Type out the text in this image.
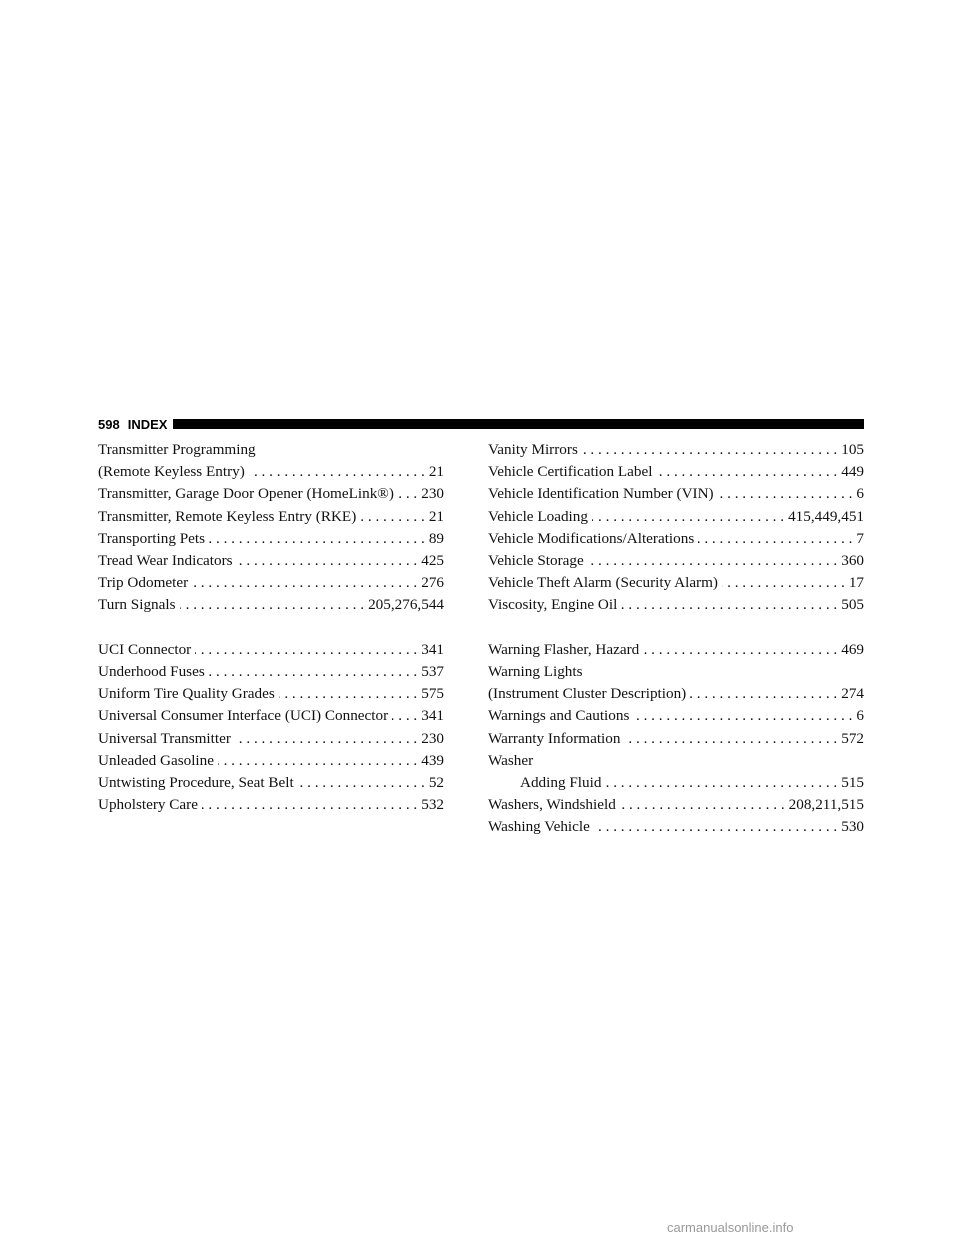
598 INDEX
Transmitter Programming
(Remote Keyless Entry) . . .	21
Transmitter, Garage Door Opener (HomeLink®) . . . 230
Transmitter, Remote Keyless Entry (RKE) . . .	21
Transporting Pets . . .	89
Tread Wear Indicators . . .	425
Trip Odometer . . .	276
Turn Signals . . .	205,276,544
UCI Connector . . .	341
Underhood Fuses . . .	537
Uniform Tire Quality Grades . . .	575
Universal Consumer Interface (UCI) Connector . . . 341
Universal Transmitter . . .	230
Unleaded Gasoline . . .	439
Untwisting Procedure, Seat Belt . . .	52
Upholstery Care . . .	532
Vanity Mirrors . . .	105
Vehicle Certification Label . . .	449
Vehicle Identification Number (VIN) . . .	6
Vehicle Loading . . .	415,449,451
Vehicle Modifications/Alterations . . .	7
Vehicle Storage . . .	360
Vehicle Theft Alarm (Security Alarm) . . .	17
Viscosity, Engine Oil . . .	505
Warning Flasher, Hazard . . .	469
Warning Lights
(Instrument Cluster Description) . . .	274
Warnings and Cautions . . .	6
Warranty Information . . .	572
Washer
Adding Fluid . . .	515
Washers, Windshield . . .	208,211,515
Washing Vehicle . . .	530
carmanualsonline.info
